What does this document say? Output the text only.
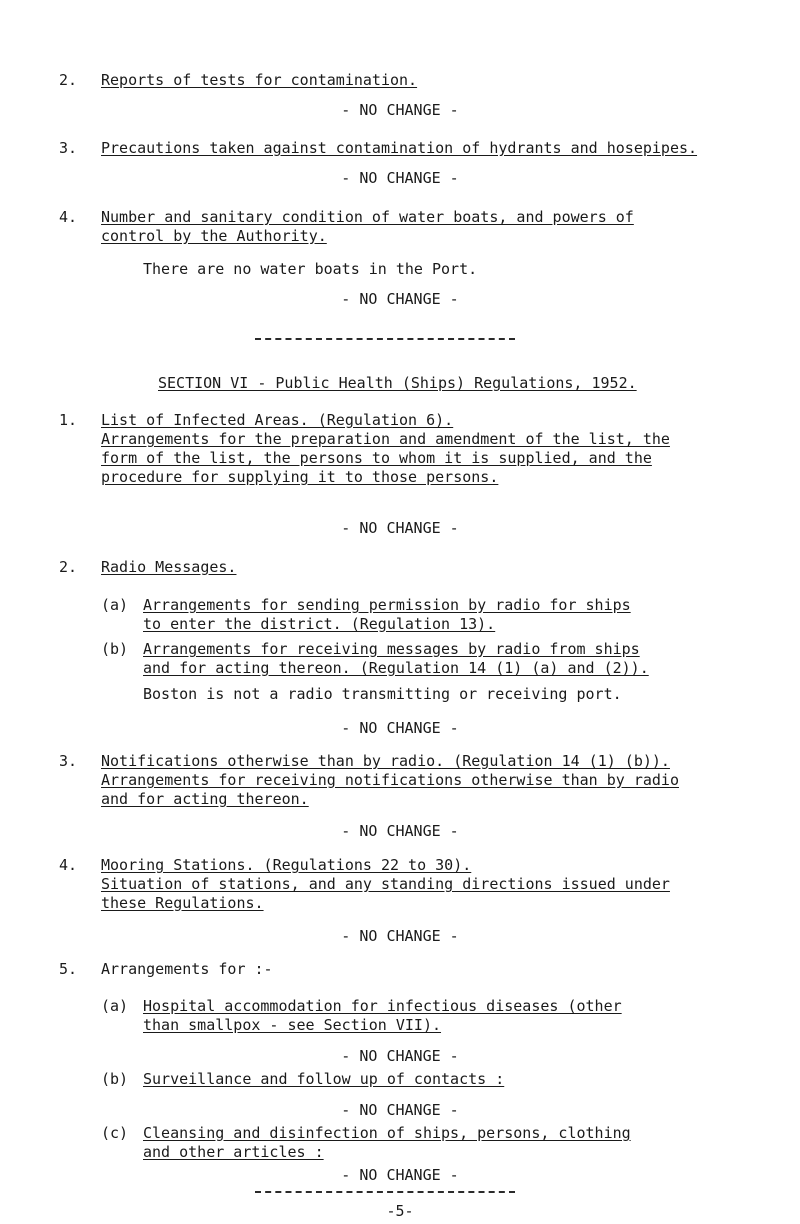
2. Reports of tests for contamination.
- NO CHANGE -
3. Precautions taken against contamination of hydrants and hosepipes.
- NO CHANGE -
4. Number and sanitary condition of water boats, and powers of
control by the Authority.
There are no water boats in the Port.
- NO CHANGE -
SECTION VI - Public Health (Ships) Regulations, 1952.
1. List of Infected Areas. (Regulation 6).
Arrangements for the preparation and amendment of the list, the
form of the list, the persons to whom it is supplied, and the
procedure for supplying it to those persons.
- NO CHANGE -
2. Radio Messages.
(a) Arrangements for sending permission by radio for ships
to enter the district. (Regulation 13).
(b) Arrangements for receiving messages by radio from ships
and for acting thereon. (Regulation 14 (1) (a) and (2)).
Boston is not a radio transmitting or receiving port.
- NO CHANGE -
3. Notifications otherwise than by radio. (Regulation 14 (1) (b)).
Arrangements for receiving notifications otherwise than by radio
and for acting thereon.
- NO CHANGE -
4. Mooring Stations. (Regulations 22 to 30).
Situation of stations, and any standing directions issued under
these Regulations.
- NO CHANGE -
5. Arrangements for :-
(a) Hospital accommodation for infectious diseases (other
than smallpox - see Section VII).
- NO CHANGE -
(b) Surveillance and follow up of contacts :
- NO CHANGE -
(c) Cleansing and disinfection of ships, persons, clothing
and other articles :
- NO CHANGE -
-5-
